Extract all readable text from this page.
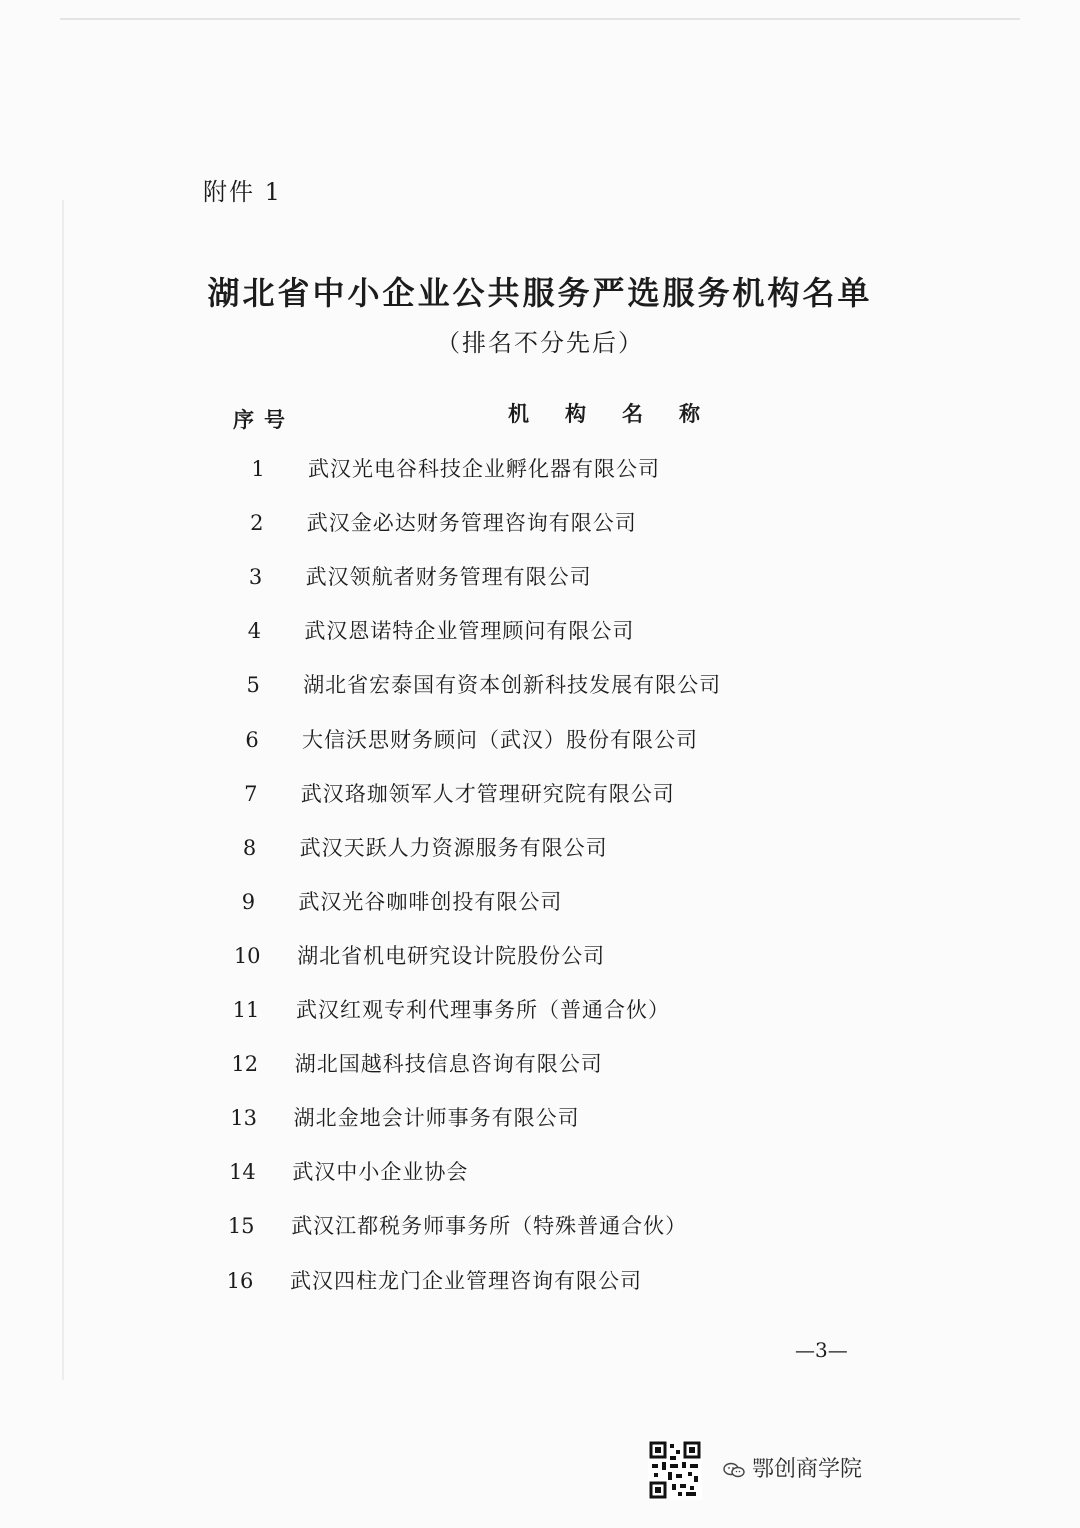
附件 1
湖北省中小企业公共服务严选服务机构名单
（排名不分先后）
序号	机构名称
1	武汉光电谷科技企业孵化器有限公司
2	武汉金必达财务管理咨询有限公司
3	武汉领航者财务管理有限公司
4	武汉恩诺特企业管理顾问有限公司
5	湖北省宏泰国有资本创新科技发展有限公司
6	大信沃思财务顾问（武汉）股份有限公司
7	武汉珞珈领军人才管理研究院有限公司
8	武汉天跃人力资源服务有限公司
9	武汉光谷咖啡创投有限公司
10	湖北省机电研究设计院股份公司
11	武汉红观专利代理事务所（普通合伙）
12	湖北国越科技信息咨询有限公司
13	湖北金地会计师事务有限公司
14	武汉中小企业协会
15	武汉江都税务师事务所（特殊普通合伙）
16	武汉四柱龙门企业管理咨询有限公司
—3—
鄂创商学院
